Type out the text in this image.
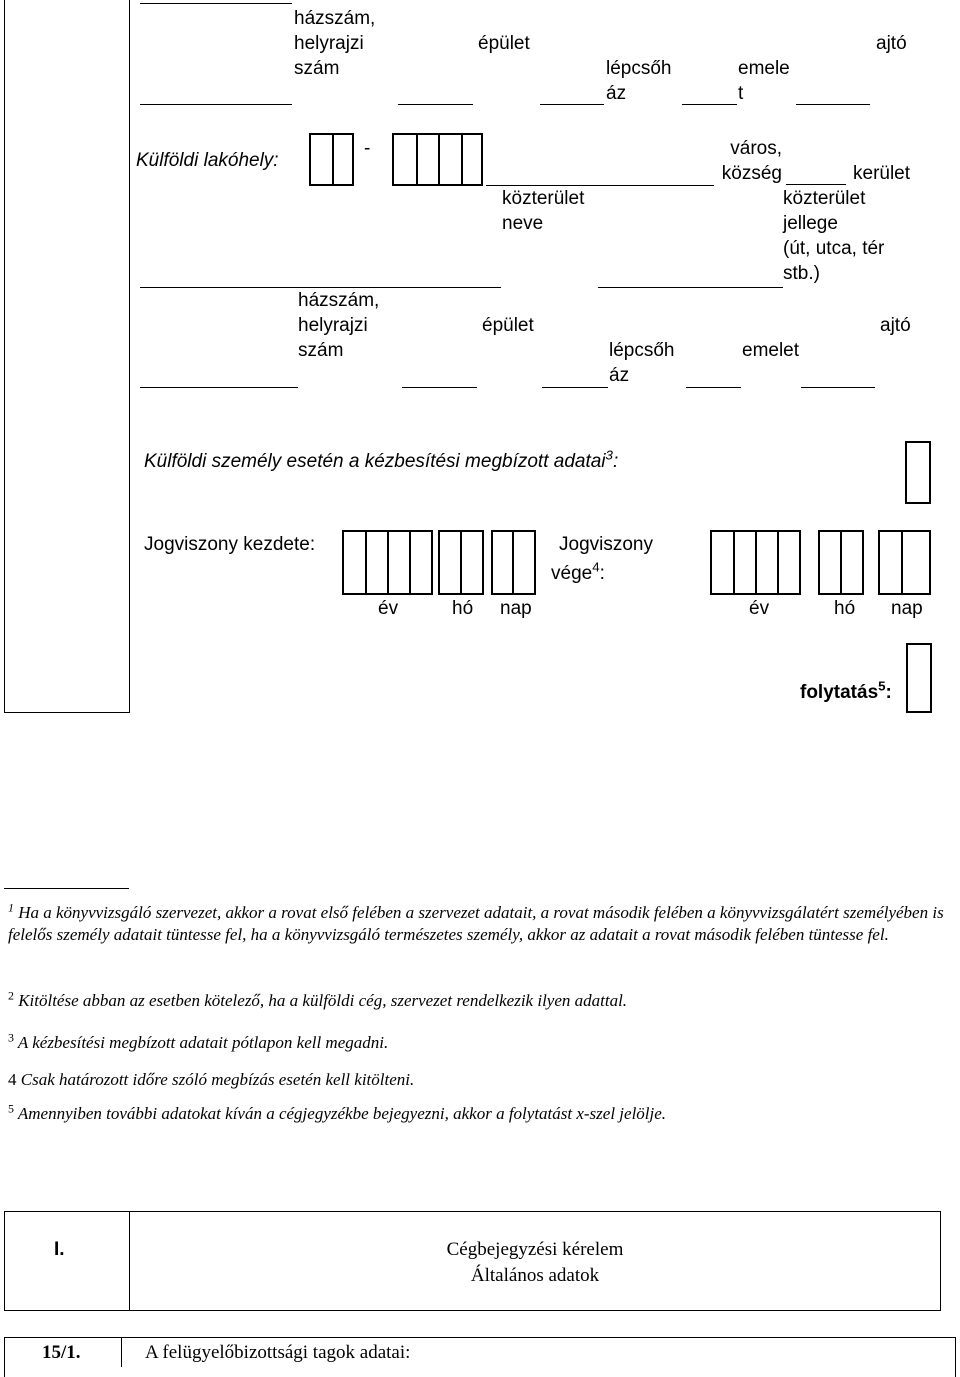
házszám,
helyrajzi
szám
épület
lépcsőh
áz
emele
t
ajtó
Külföldi lakóhely:
-	város,
község	kerület
közterület
neve
közterület
jellege
(út, utca, tér
stb.)
házszám,
helyrajzi
szám
épület
lépcsőh
áz
emelet
ajtó
Külföldi személy esetén a kézbesítési megbízott adatai$^3$:
Jogviszony kezdete:
év	hó nap
Jogviszony
vége$^4$:
év	hó nap
folytatás$^5$:
$^1$ Ha a könyvvizsgáló szervezet, akkor a rovat első felében a szervezet adatait, a rovat második felében a könyvvizsgálatért személyében is felelős személy adatait tüntesse fel, ha a könyvvizsgáló természetes személy, akkor az adatait a rovat második felében tüntesse fel.
$^2$ Kitöltése abban az esetben kötelező, ha a külföldi cég, szervezet rendelkezik ilyen adattal.
$^3$ A kézbesítési megbízott adatait pótlapon kell megadni.
4 Csak határozott időre szóló megbízás esetén kell kitölteni.
$^5$ Amennyiben további adatokat kíván a cégjegyzékbe bejegyezni, akkor a folytatást x-szel jelölje.
I.	Cégbejegyzési kérelem
Általános adatok
15/1.	A felügyelőbizottsági tagok adatai:
